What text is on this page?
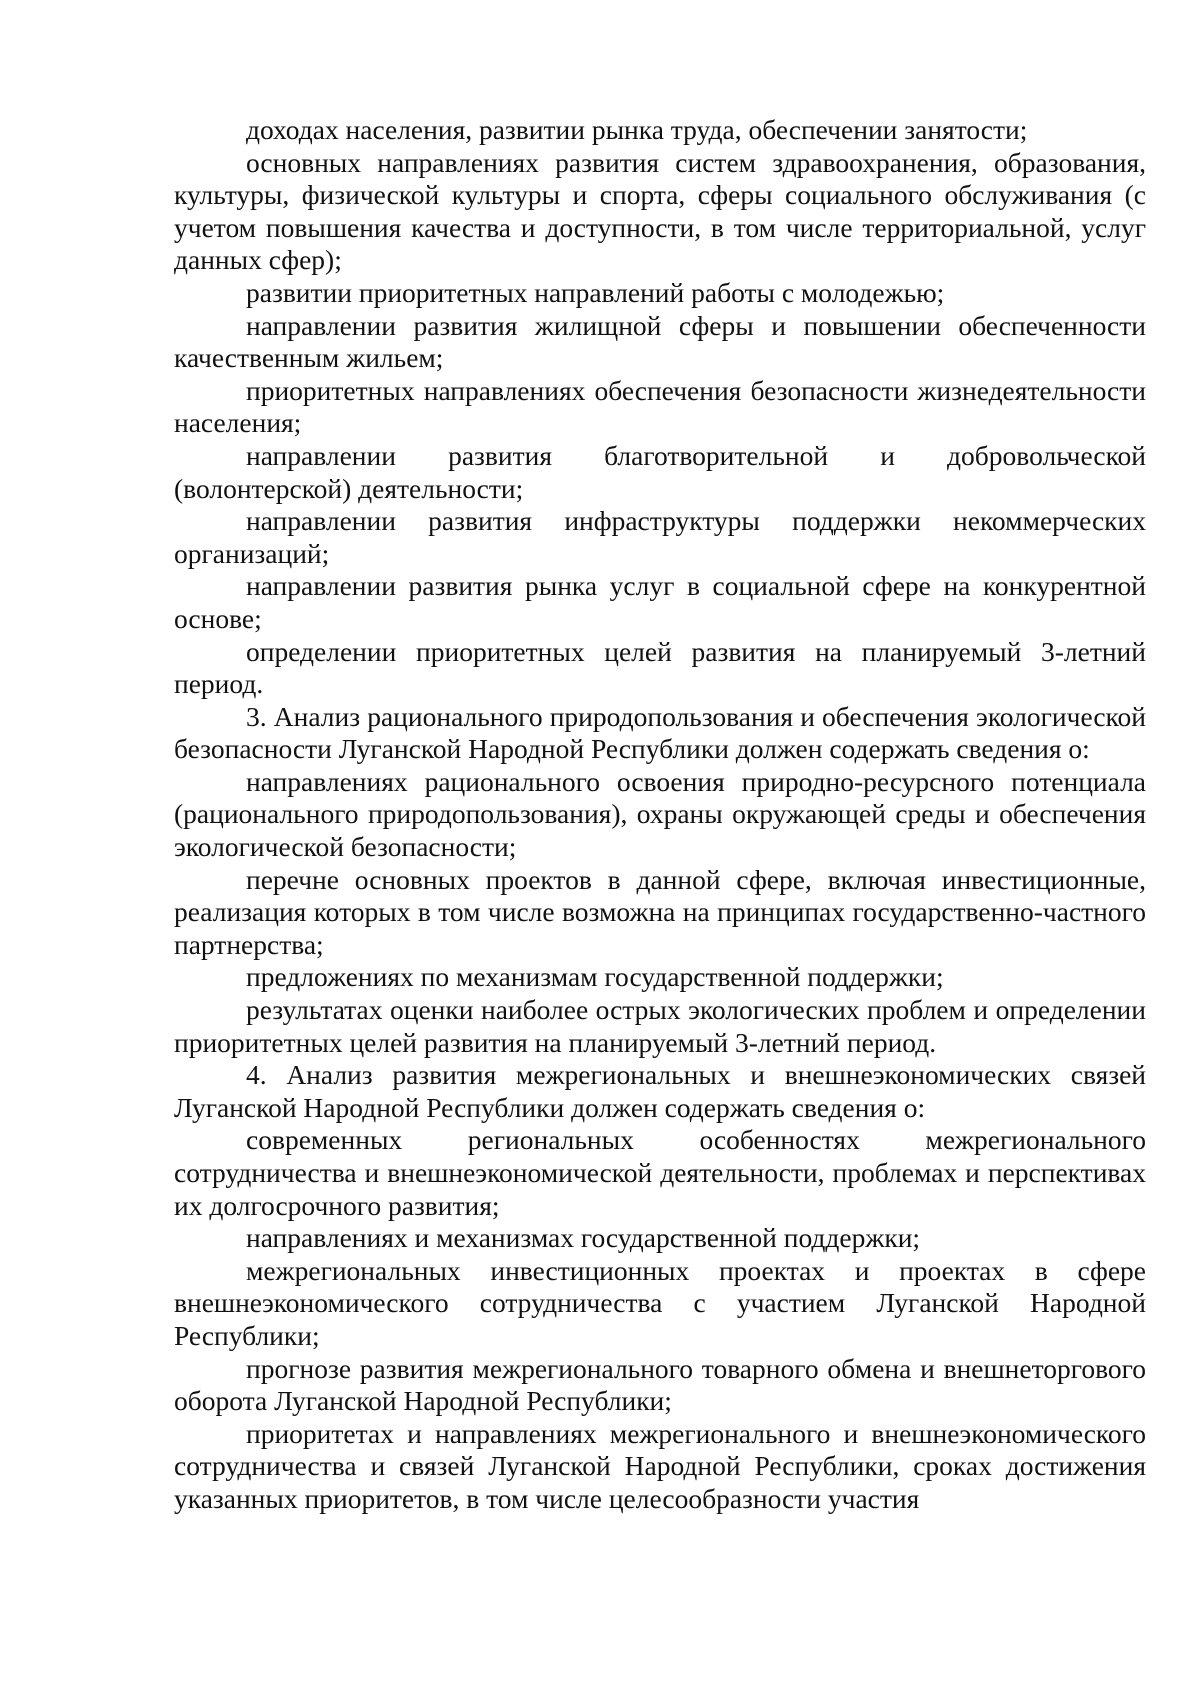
доходах населения, развитии рынка труда, обеспечении занятости;

основных направлениях развития систем здравоохранения, образования, культуры, физической культуры и спорта, сферы социального обслуживания (с учетом повышения качества и доступности, в том числе территориальной, услуг данных сфер);

развитии приоритетных направлений работы с молодежью;

направлении развития жилищной сферы и повышении обеспеченности качественным жильем;

приоритетных направлениях обеспечения безопасности жизнедеятельности населения;

направлении развития благотворительной и добровольческой (волонтерской) деятельности;

направлении развития инфраструктуры поддержки некоммерческих организаций;

направлении развития рынка услуг в социальной сфере на конкурентной основе;

определении приоритетных целей развития на планируемый 3-летний период.

3. Анализ рационального природопользования и обеспечения экологической безопасности Луганской Народной Республики должен содержать сведения о:

направлениях рационального освоения природно-ресурсного потенциала (рационального природопользования), охраны окружающей среды и обеспечения экологической безопасности;

перечне основных проектов в данной сфере, включая инвестиционные, реализация которых в том числе возможна на принципах государственно-частного партнерства;

предложениях по механизмам государственной поддержки;

результатах оценки наиболее острых экологических проблем и определении приоритетных целей развития на планируемый 3-летний период.

4. Анализ развития межрегиональных и внешнеэкономических связей Луганской Народной Республики должен содержать сведения о:

современных региональных особенностях межрегионального сотрудничества и внешнеэкономической деятельности, проблемах и перспективах их долгосрочного развития;

направлениях и механизмах государственной поддержки;

межрегиональных инвестиционных проектах и проектах в сфере внешнеэкономического сотрудничества с участием Луганской Народной Республики;

прогнозе развития межрегионального товарного обмена и внешнеторгового оборота Луганской Народной Республики;

приоритетах и направлениях межрегионального и внешнеэкономического сотрудничества и связей Луганской Народной Республики, сроках достижения указанных приоритетов, в том числе целесообразности участия
